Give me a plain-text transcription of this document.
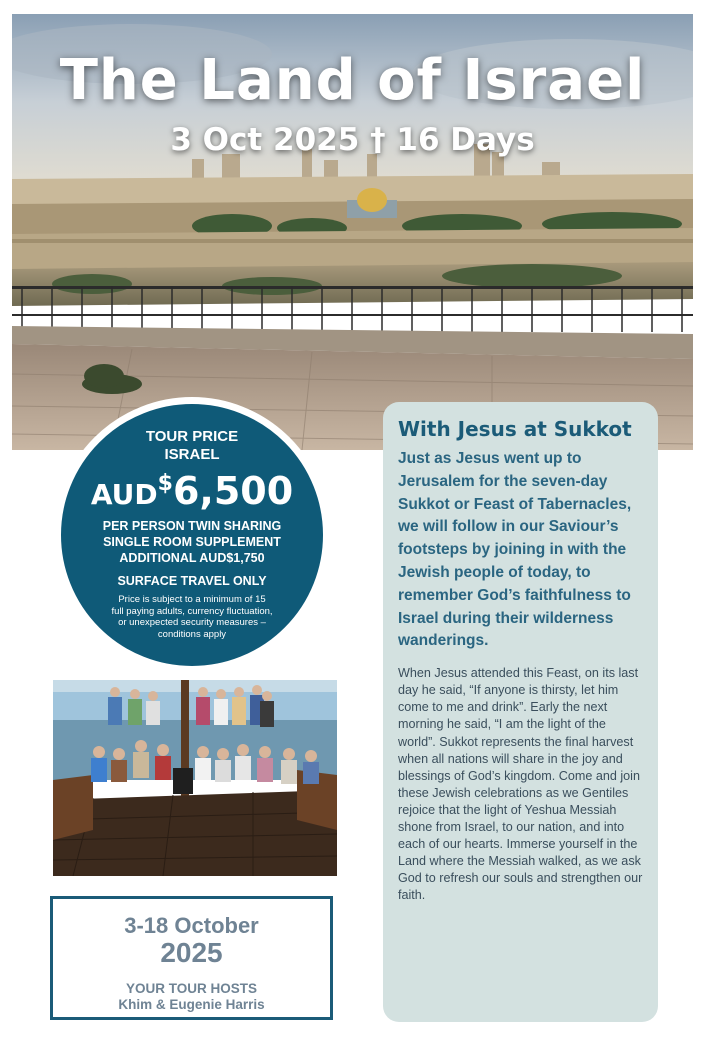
The Land of Israel
3 Oct 2025 † 16 Days
TOUR PRICE
ISRAEL
AUD$6,500
PER PERSON TWIN SHARING
SINGLE ROOM SUPPLEMENT
ADDITIONAL AUD$1,750
SURFACE TRAVEL ONLY
Price is subject to a minimum of 15 full paying adults, currency fluctuation, or unexpected security measures – conditions apply
3-18 October
2025
YOUR TOUR HOSTS
Khim & Eugenie Harris
With Jesus at Sukkot

Just as Jesus went up to Jerusalem for the seven-day Sukkot or Feast of Tabernacles, we will follow in our Saviour’s footsteps by joining in with the Jewish people of today, to remember God’s faithfulness to Israel during their wilderness wanderings.

When Jesus attended this Feast, on its last day he said, “If anyone is thirsty, let him come to me and drink”. Early the next morning he said, “I am the light of the world”. Sukkot represents the final harvest when all nations will share in the joy and blessings of God’s kingdom. Come and join these Jewish celebrations as we Gentiles rejoice that the light of Yeshua Messiah shone from Israel, to our nation, and into each of our hearts. Immerse yourself in the Land where the Messiah walked, as we ask God to refresh our souls and strengthen our faith.
